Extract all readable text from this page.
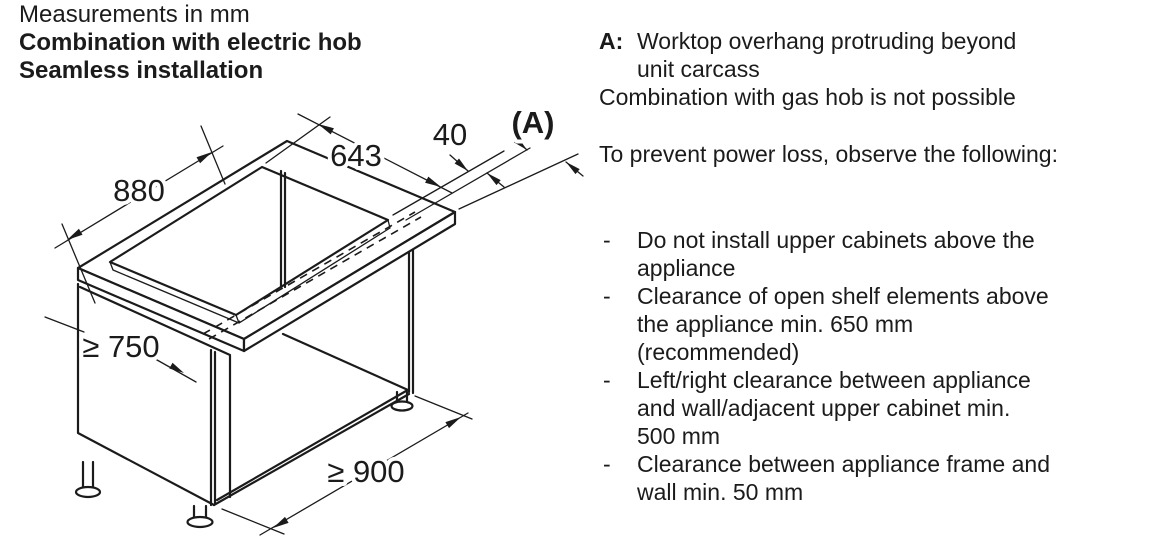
Measurements in mm
Combination with electric hob
Seamless installation
880
643
40 (A)
≥ 750
≥ 900
A: Worktop overhang protruding beyond
unit carcass
Combination with gas hob is not possible
To prevent power loss, observe the following:
-	Do not install upper cabinets above the
appliance
-	Clearance of open shelf elements above
the appliance min. 650 mm
(recommended)
-	Left/right clearance between appliance
and wall/adjacent upper cabinet min.
500 mm
-	Clearance between appliance frame and
wall min. 50 mm
